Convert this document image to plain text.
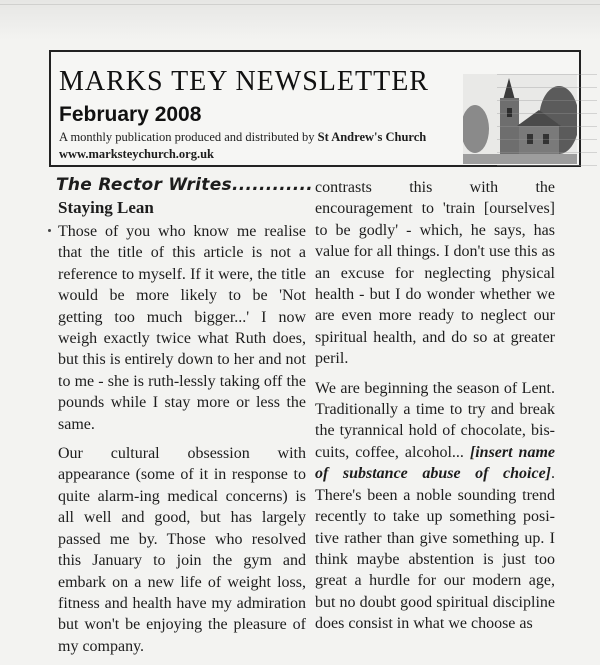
MARKS TEY NEWSLETTER
February 2008
A monthly publication produced and distributed by St Andrew's Church
www.marksteychurch.org.uk
The Rector Writes............
Staying Lean

Those of you who know me realise that the title of this article is not a reference to myself. If it were, the title would be more likely to be 'Not getting too much bigger...' I now weigh exactly twice what Ruth does, but this is entirely down to her and not to me - she is ruth-lessly taking off the pounds while I stay more or less the same.

Our cultural obsession with appearance (some of it in response to quite alarm-ing medical concerns) is all well and good, but has largely passed me by. Those who resolved this January to join the gym and embark on a new life of weight loss, fitness and health have my admiration but won't be enjoying the pleasure of my company.

contrasts this with the encouragement to 'train [ourselves] to be godly' - which, he says, has value for all things. I don't use this as an excuse for neglecting physical health - but I do wonder whether we are even more ready to neglect our spiritual health, and do so at greater peril.

We are beginning the season of Lent. Traditionally a time to try and break the tyrannical hold of chocolate, bis-cuits, coffee, alcohol... [insert name of substance abuse of choice]. There's been a noble sounding trend recently to take up something posi-tive rather than give something up. I think maybe abstention is just too great a hurdle for our modern age, but no doubt good spiritual discipline does consist in what we choose as
